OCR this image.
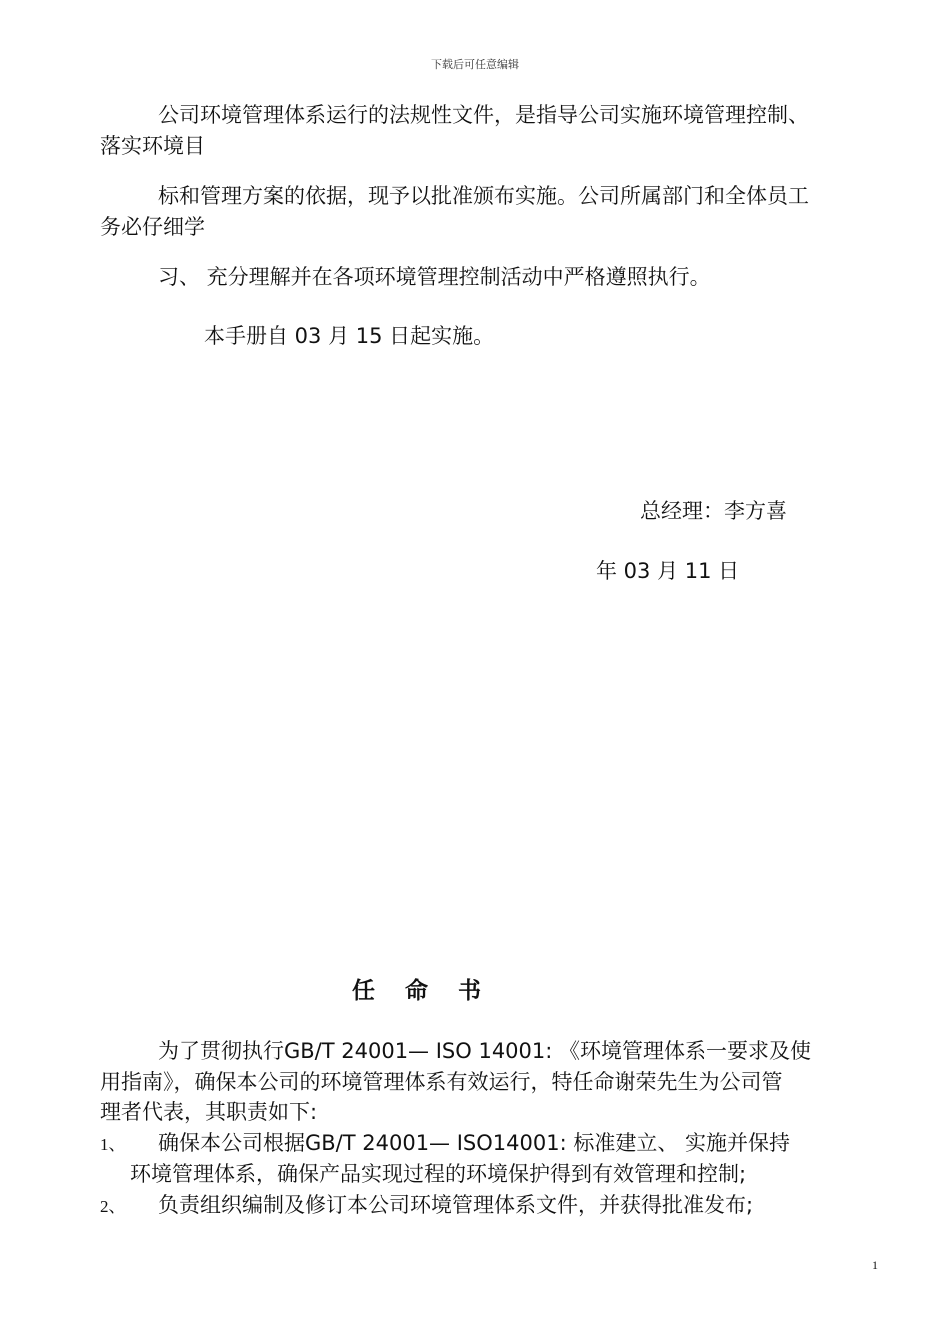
下载后可任意编辑
公司环境管理体系运行的法规性文件，是指导公司实施环境管理控制、
落实环境目
标和管理方案的依据，现予以批准颁布实施。公司所属部门和全体员工
务必仔细学
习、 充分理解并在各项环境管理控制活动中严格遵照执行。
本手册自 03 月 15 日起实施。
总经理：李方喜
年 03 月 11 日
任命书
为了贯彻执行GB/T 24001— ISO 14001: 《环境管理体系一要求及使
用指南》，确保本公司的环境管理体系有效运行，特任命谢荣先生为公司管
理者代表，其职责如下:
1、 确保本公司根据GB/T 24001— ISO14001: 标准建立、 实施并保持
环境管理体系，确保产品实现过程的环境保护得到有效管理和控制;
2、 负责组织编制及修订本公司环境管理体系文件，并获得批准发布;
1
